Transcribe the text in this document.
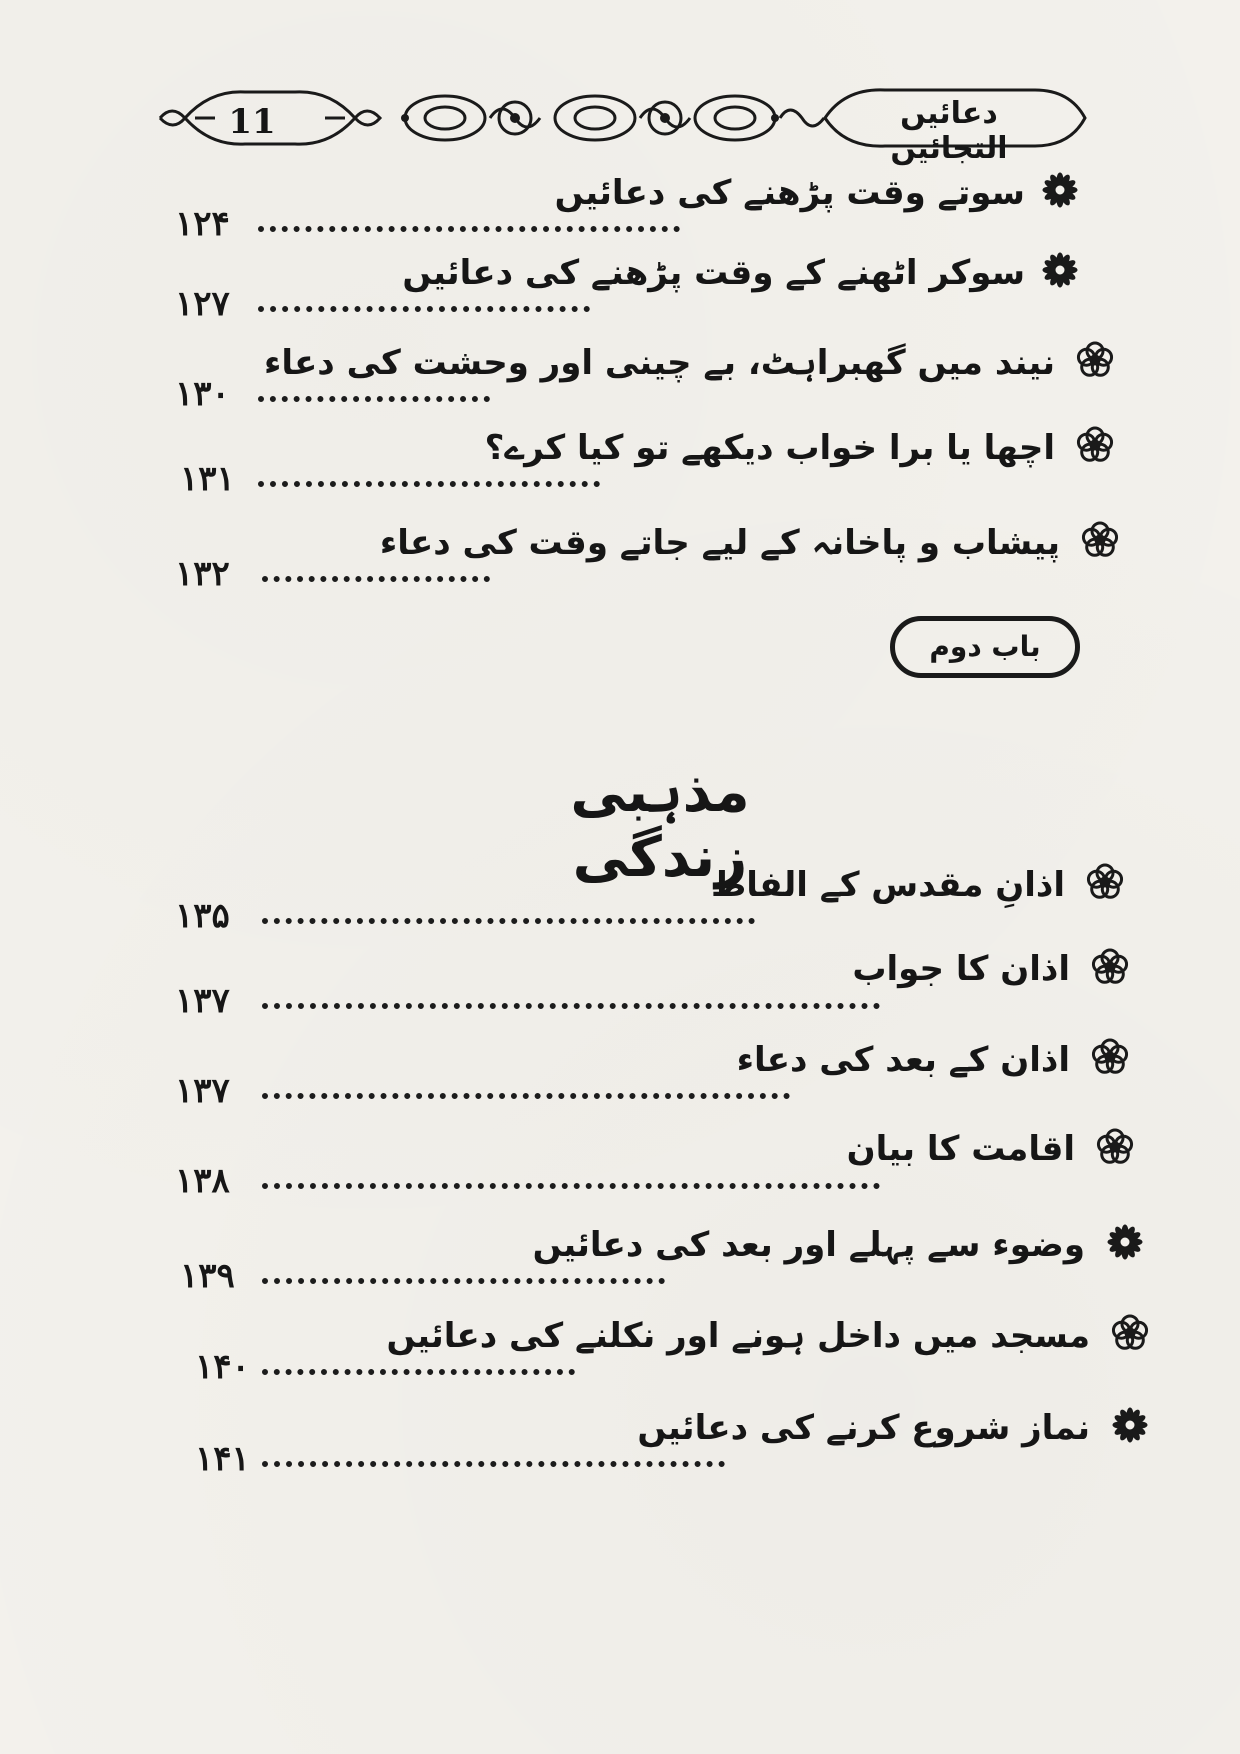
11	دعائیں التجائیں
سوتے وقت پڑھنے کی دعائیں
۱۲۴
سوکر اٹھنے کے وقت پڑھنے کی دعائیں
۱۲۷
نیند میں گھبراہٹ، بے چینی اور وحشت کی دعاء
۱۳۰
اچھا یا برا خواب دیکھے تو کیا کرے؟
۱۳۱
پیشاب و پاخانہ کے لیے جاتے وقت کی دعاء
۱۳۲
باب دوم
مذہبی زندگی
اذانِ مقدس کے الفاظ
۱۳۵
اذان کا جواب
۱۳۷
اذان کے بعد کی دعاء
۱۳۷
اقامت کا بیان
۱۳۸
وضوء سے پہلے اور بعد کی دعائیں
۱۳۹
مسجد میں داخل ہونے اور نکلنے کی دعائیں
۱۴۰
نماز شروع کرنے کی دعائیں
۱۴۱
